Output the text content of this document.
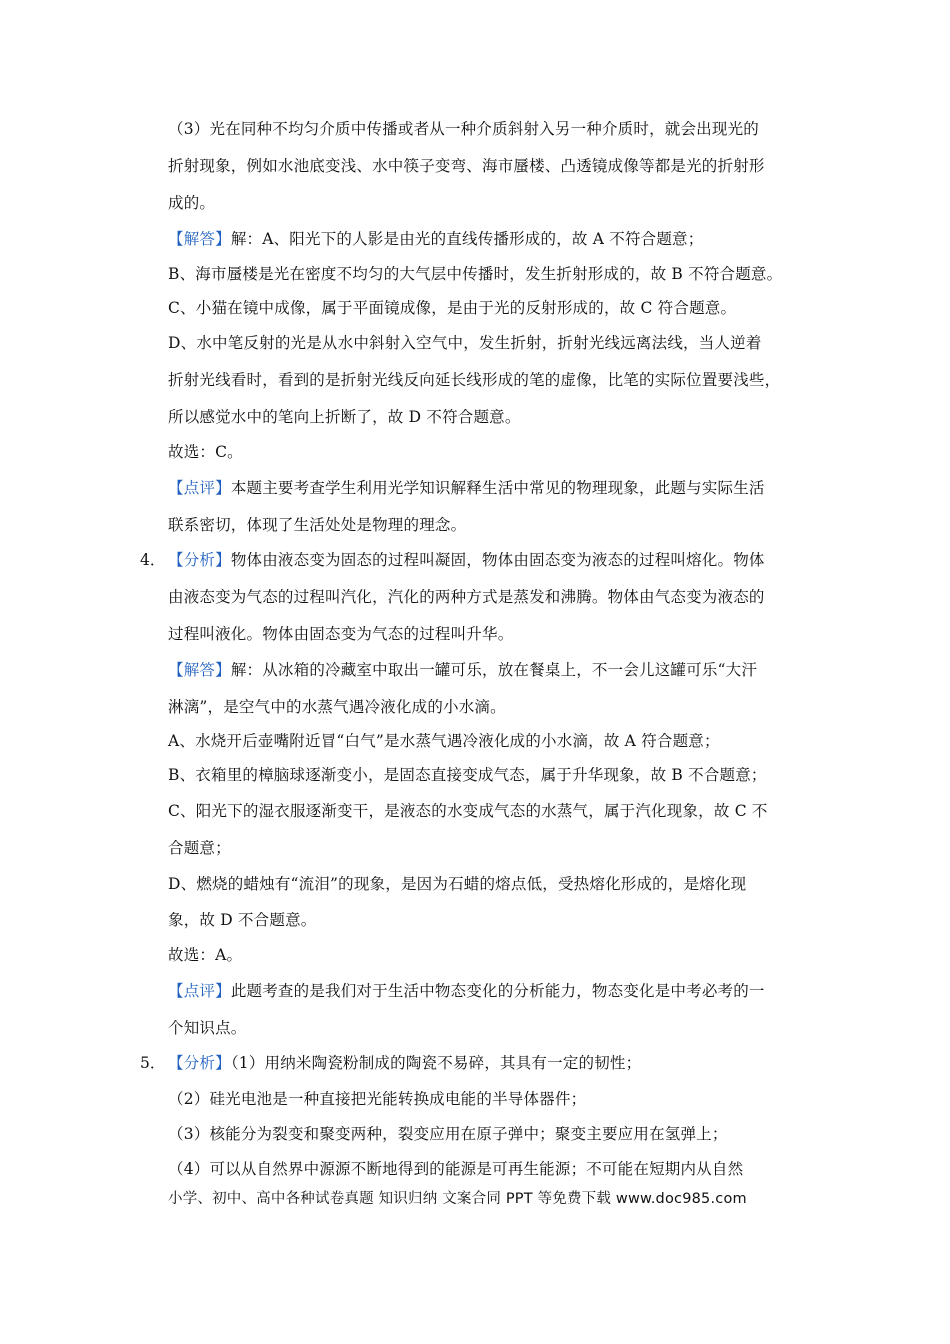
（3）光在同种不均匀介质中传播或者从一种介质斜射入另一种介质时，就会出现光的
折射现象，例如水池底变浅、水中筷子变弯、海市蜃楼、凸透镜成像等都是光的折射形
成的。
【解答】解：A、阳光下的人影是由光的直线传播形成的，故 A 不符合题意；
B、海市蜃楼是光在密度不均匀的大气层中传播时，发生折射形成的，故 B 不符合题意。
C、小猫在镜中成像，属于平面镜成像，是由于光的反射形成的，故 C 符合题意。
D、水中笔反射的光是从水中斜射入空气中，发生折射，折射光线远离法线，当人逆着
折射光线看时，看到的是折射光线反向延长线形成的笔的虚像，比笔的实际位置要浅些，
所以感觉水中的笔向上折断了，故 D 不符合题意。
故选：C。
【点评】本题主要考查学生利用光学知识解释生活中常见的物理现象，此题与实际生活
联系密切，体现了生活处处是物理的理念。
4． 【分析】物体由液态变为固态的过程叫凝固，物体由固态变为液态的过程叫熔化。物体
由液态变为气态的过程叫汽化，汽化的两种方式是蒸发和沸腾。物体由气态变为液态的
过程叫液化。物体由固态变为气态的过程叫升华。
【解答】解：从冰箱的冷藏室中取出一罐可乐，放在餐桌上，不一会儿这罐可乐“大汗
淋漓”，是空气中的水蒸气遇冷液化成的小水滴。
A、水烧开后壶嘴附近冒“白气”是水蒸气遇冷液化成的小水滴，故 A 符合题意；
B、衣箱里的樟脑球逐渐变小，是固态直接变成气态，属于升华现象，故 B 不合题意；
C、阳光下的湿衣服逐渐变干，是液态的水变成气态的水蒸气，属于汽化现象，故 C 不
合题意；
D、燃烧的蜡烛有“流泪”的现象，是因为石蜡的熔点低，受热熔化形成的，是熔化现
象，故 D 不合题意。
故选：A。
【点评】此题考查的是我们对于生活中物态变化的分析能力，物态变化是中考必考的一
个知识点。
5． 【分析】（1）用纳米陶瓷粉制成的陶瓷不易碎，其具有一定的韧性；
（2）硅光电池是一种直接把光能转换成电能的半导体器件；
（3）核能分为裂变和聚变两种，裂变应用在原子弹中；聚变主要应用在氢弹上；
（4）可以从自然界中源源不断地得到的能源是可再生能源；不可能在短期内从自然
小学、初中、高中各种试卷真题 知识归纳 文案合同 PPT 等免费下载 www.doc985.com
